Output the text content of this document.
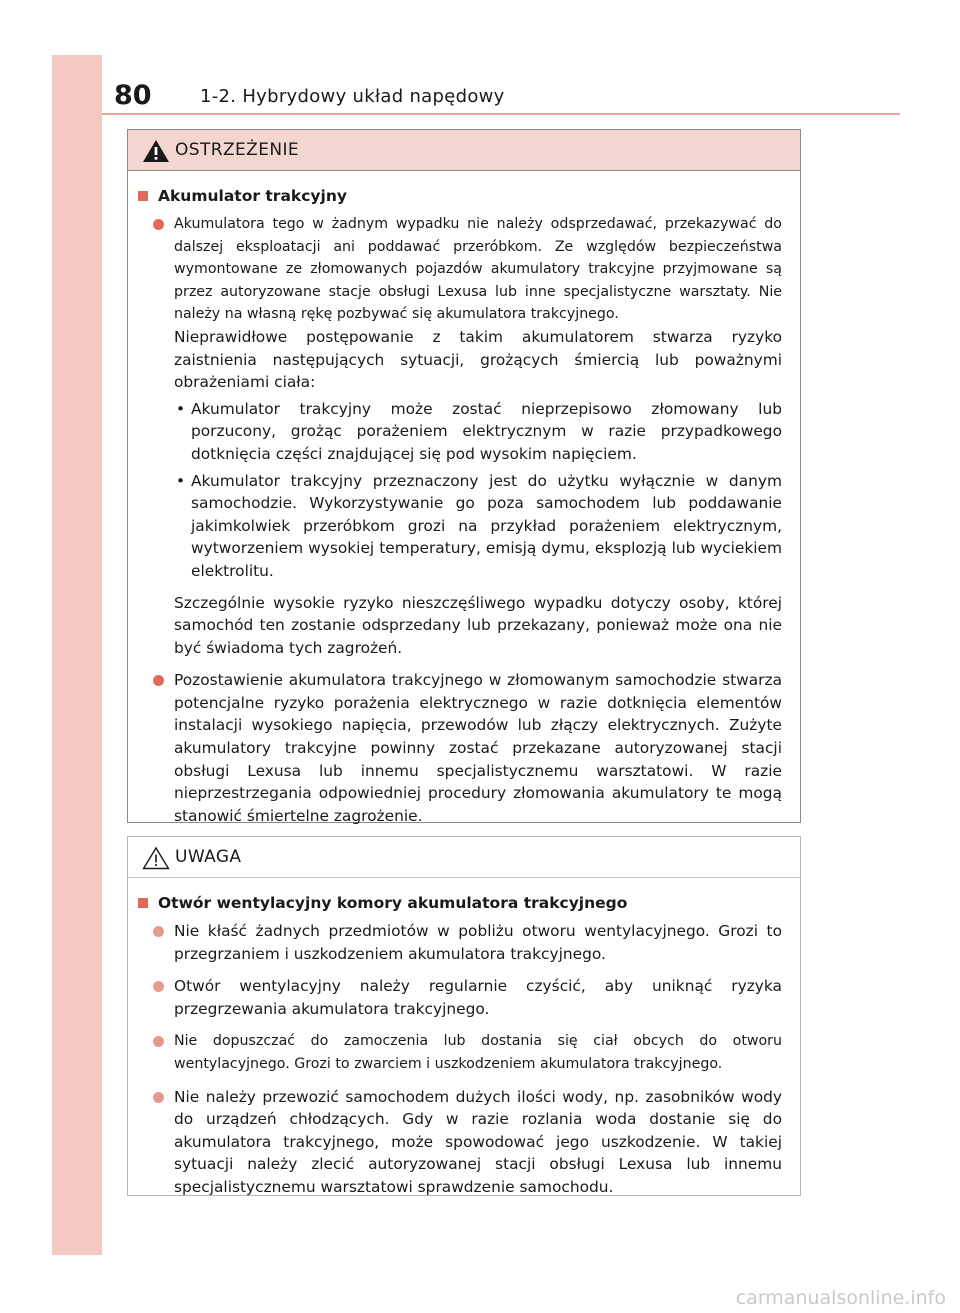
80	1-2. Hybrydowy układ napędowy
OSTRZEŻENIE
Akumulator trakcyjny

Akumulatora tego w żadnym wypadku nie należy odsprzedawać, przekazywać do dalszej eksploatacji ani poddawać przeróbkom. Ze względów bezpieczeństwa wymontowane ze złomowanych pojazdów akumulatory trakcyjne przyjmowane są przez autoryzowane stacje obsługi Lexusa lub inne specjalistyczne warsztaty. Nie należy na własną rękę pozbywać się akumulatora trakcyjnego.

Nieprawidłowe postępowanie z takim akumulatorem stwarza ryzyko zaistnienia następujących sytuacji, grożących śmiercią lub poważnymi obrażeniami ciała:

• Akumulator trakcyjny może zostać nieprzepisowo złomowany lub porzucony, grożąc porażeniem elektrycznym w razie przypadkowego dotknięcia części znajdującej się pod wysokim napięciem.

• Akumulator trakcyjny przeznaczony jest do użytku wyłącznie w danym samochodzie. Wykorzystywanie go poza samochodem lub poddawanie jakimkolwiek przeróbkom grozi na przykład porażeniem elektrycznym, wytworzeniem wysokiej temperatury, emisją dymu, eksplozją lub wyciekiem elektrolitu.

Szczególnie wysokie ryzyko nieszczęśliwego wypadku dotyczy osoby, której samochód ten zostanie odsprzedany lub przekazany, ponieważ może ona nie być świadoma tych zagrożeń.

Pozostawienie akumulatora trakcyjnego w złomowanym samochodzie stwarza potencjalne ryzyko porażenia elektrycznego w razie dotknięcia elementów instalacji wysokiego napięcia, przewodów lub złączy elektrycznych. Zużyte akumulatory trakcyjne powinny zostać przekazane autoryzowanej stacji obsługi Lexusa lub innemu specjalistycznemu warsztatowi. W razie nieprzestrzegania odpowiedniej procedury złomowania akumulatory te mogą stanowić śmiertelne zagrożenie.

UWAGA
Otwór wentylacyjny komory akumulatora trakcyjnego

Nie kłaść żadnych przedmiotów w pobliżu otworu wentylacyjnego. Grozi to przegrzaniem i uszkodzeniem akumulatora trakcyjnego.

Otwór wentylacyjny należy regularnie czyścić, aby uniknąć ryzyka przegrzewania akumulatora trakcyjnego.

Nie dopuszczać do zamoczenia lub dostania się ciał obcych do otworu wentylacyjnego. Grozi to zwarciem i uszkodzeniem akumulatora trakcyjnego.

Nie należy przewozić samochodem dużych ilości wody, np. zasobników wody do urządzeń chłodzących. Gdy w razie rozlania woda dostanie się do akumulatora trakcyjnego, może spowodować jego uszkodzenie. W takiej sytuacji należy zlecić autoryzowanej stacji obsługi Lexusa lub innemu specjalistycznemu warsztatowi sprawdzenie samochodu.

carmanualsonline.info
